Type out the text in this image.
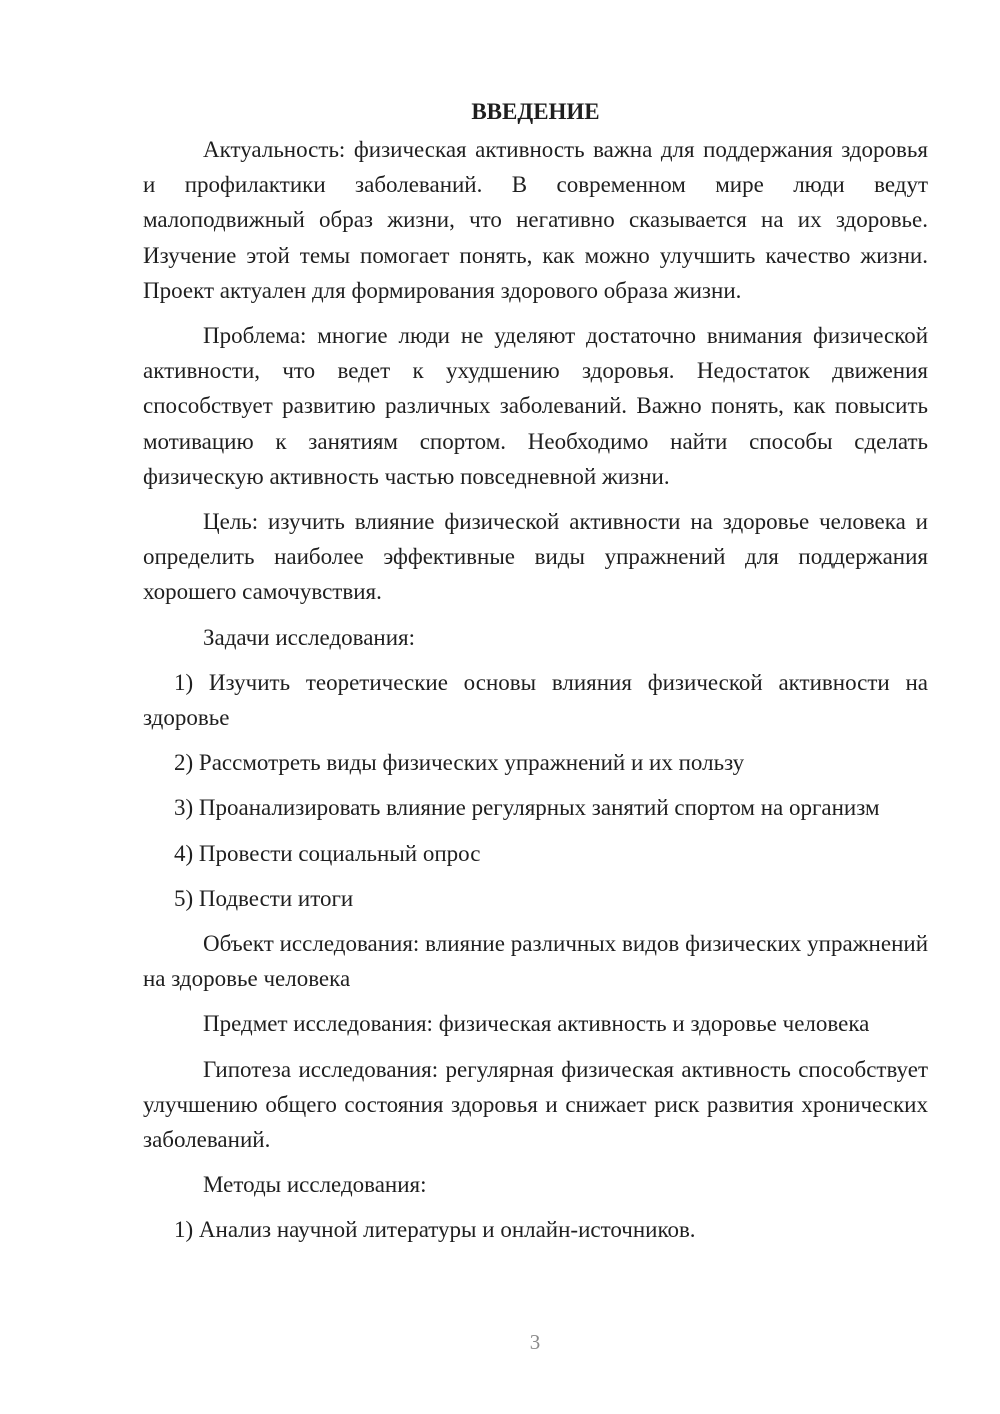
ВВЕДЕНИЕ

Актуальность: физическая активность важна для поддержания здоровья и профилактики заболеваний. В современном мире люди ведут малоподвижный образ жизни, что негативно сказывается на их здоровье. Изучение этой темы помогает понять, как можно улучшить качество жизни. Проект актуален для формирования здорового образа жизни.

Проблема: многие люди не уделяют достаточно внимания физической активности, что ведет к ухудшению здоровья. Недостаток движения способствует развитию различных заболеваний. Важно понять, как повысить мотивацию к занятиям спортом. Необходимо найти способы сделать физическую активность частью повседневной жизни.

Цель: изучить влияние физической активности на здоровье человека и определить наиболее эффективные виды упражнений для поддержания хорошего самочувствия.

Задачи исследования:

1) Изучить теоретические основы влияния физической активности на здоровье

2) Рассмотреть виды физических упражнений и их пользу

3) Проанализировать влияние регулярных занятий спортом на организм

4) Провести социальный опрос

5) Подвести итоги

Объект исследования: влияние различных видов физических упражнений на здоровье человека

Предмет исследования: физическая активность и здоровье человека

Гипотеза исследования: регулярная физическая активность способствует улучшению общего состояния здоровья и снижает риск развития хронических заболеваний.

Методы исследования:

1) Анализ научной литературы и онлайн-источников.

3
